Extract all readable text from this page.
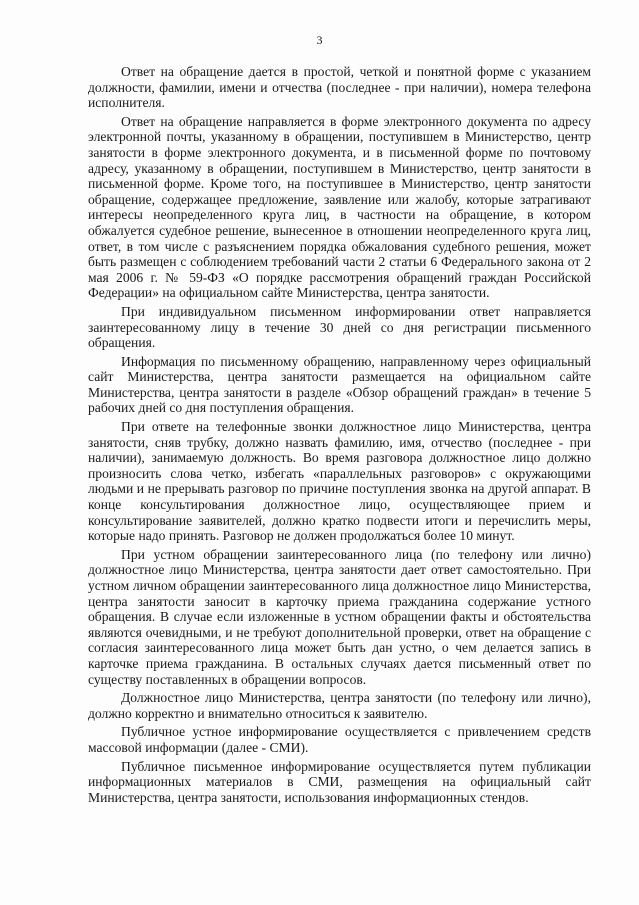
3

Ответ на обращение дается в простой, четкой и понятной форме с указанием должности, фамилии, имени и отчества (последнее - при наличии), номера телефона исполнителя.

Ответ на обращение направляется в форме электронного документа по адресу электронной почты, указанному в обращении, поступившем в Министерство, центр занятости в форме электронного документа, и в письменной форме по почтовому адресу, указанному в обращении, поступившем в Министерство, центр занятости в письменной форме. Кроме того, на поступившее в Министерство, центр занятости обращение, содержащее предложение, заявление или жалобу, которые затрагивают интересы неопределенного круга лиц, в частности на обращение, в котором обжалуется судебное решение, вынесенное в отношении неопределенного круга лиц, ответ, в том числе с разъяснением порядка обжалования судебного решения, может быть размещен с соблюдением требований части 2 статьи 6 Федерального закона от 2 мая 2006 г. № 59-ФЗ «О порядке рассмотрения обращений граждан Российской Федерации» на официальном сайте Министерства, центра занятости.

При индивидуальном письменном информировании ответ направляется заинтересованному лицу в течение 30 дней со дня регистрации письменного обращения.

Информация по письменному обращению, направленному через официальный сайт Министерства, центра занятости размещается на официальном сайте Министерства, центра занятости в разделе «Обзор обращений граждан» в течение 5 рабочих дней со дня поступления обращения.

При ответе на телефонные звонки должностное лицо Министерства, центра занятости, сняв трубку, должно назвать фамилию, имя, отчество (последнее - при наличии), занимаемую должность. Во время разговора должностное лицо должно произносить слова четко, избегать «параллельных разговоров» с окружающими людьми и не прерывать разговор по причине поступления звонка на другой аппарат. В конце консультирования должностное лицо, осуществляющее прием и консультирование заявителей, должно кратко подвести итоги и перечислить меры, которые надо принять. Разговор не должен продолжаться более 10 минут.

При устном обращении заинтересованного лица (по телефону или лично) должностное лицо Министерства, центра занятости дает ответ самостоятельно. При устном личном обращении заинтересованного лица должностное лицо Министерства, центра занятости заносит в карточку приема гражданина содержание устного обращения. В случае если изложенные в устном обращении факты и обстоятельства являются очевидными, и не требуют дополнительной проверки, ответ на обращение с согласия заинтересованного лица может быть дан устно, о чем делается запись в карточке приема гражданина. В остальных случаях дается письменный ответ по существу поставленных в обращении вопросов.

Должностное лицо Министерства, центра занятости (по телефону или лично), должно корректно и внимательно относиться к заявителю.

Публичное устное информирование осуществляется с привлечением средств массовой информации (далее - СМИ).

Публичное письменное информирование осуществляется путем публикации информационных материалов в СМИ, размещения на официальный сайт Министерства, центра занятости, использования информационных стендов.
